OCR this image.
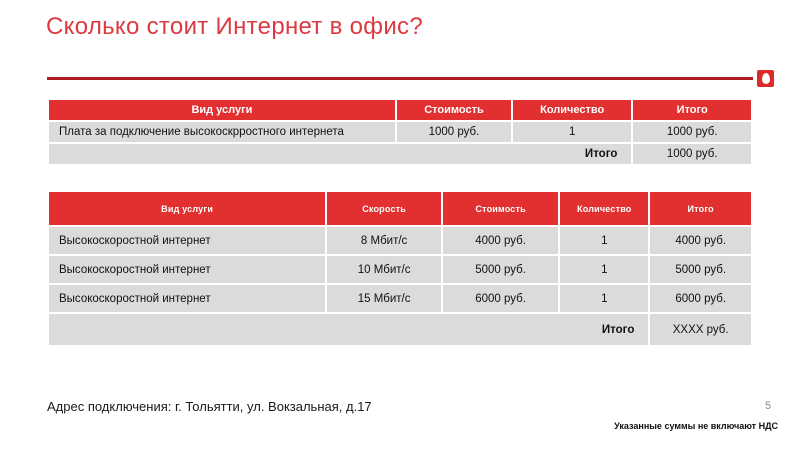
Сколько стоит Интернет в офис?
Вид услуги	Стоимость	Количество	Итого
Плата за подключение высокоскрростного интернета	1000 руб.	1	1000 руб.
Итого			1000 руб.
Вид услуги	Скорость	Стоимость	Количество	Итого
Высокоскоростной интернет	8 Мбит/с	4000 руб.	1	4000 руб.
Высокоскоростной интернет	10 Мбит/с	5000 руб.	1	5000 руб.
Высокоскоростной интернет	15 Мбит/с	6000 руб.	1	6000 руб.
Итого				XXXX руб.
Адрес подключения: г. Тольятти, ул. Вокзальная, д.17	5
Указанные суммы не включают НДС
